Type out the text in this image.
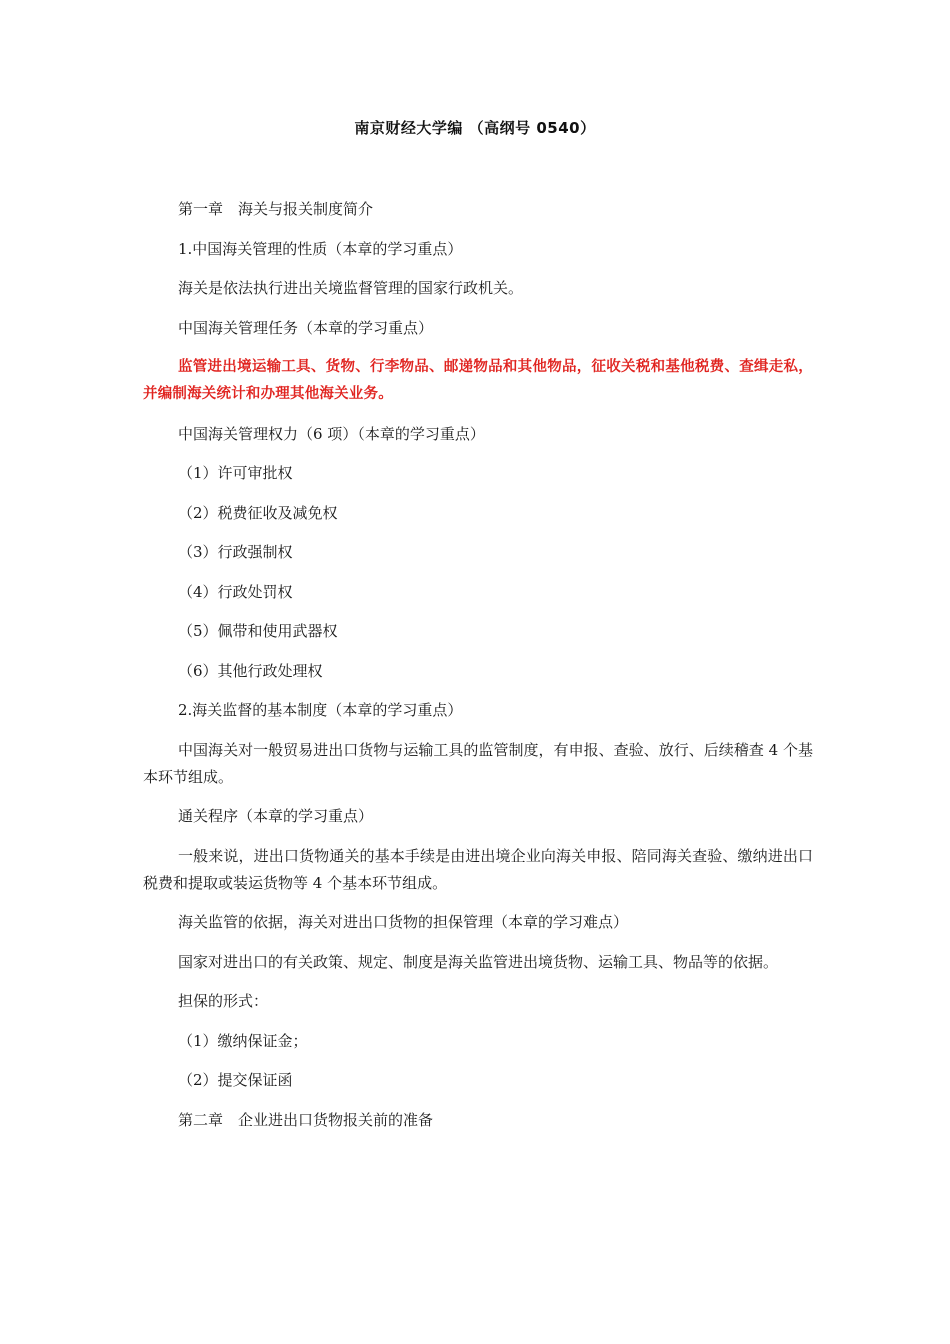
南京财经大学编 （高纲号 0540）

第一章　海关与报关制度简介

1.中国海关管理的性质（本章的学习重点）

海关是依法执行进出关境监督管理的国家行政机关。

中国海关管理任务（本章的学习重点）

监管进出境运输工具、货物、行李物品、邮递物品和其他物品，征收关税和基他税费、查缉走私，并编制海关统计和办理其他海关业务。

中国海关管理权力（6 项）（本章的学习重点）

（1）许可审批权

（2）税费征收及减免权

（3）行政强制权

（4）行政处罚权

（5）佩带和使用武器权

（6）其他行政处理权

2.海关监督的基本制度（本章的学习重点）

中国海关对一般贸易进出口货物与运输工具的监管制度，有申报、查验、放行、后续稽查 4 个基本环节组成。

通关程序（本章的学习重点）

一般来说，进出口货物通关的基本手续是由进出境企业向海关申报、陪同海关查验、缴纳进出口税费和提取或装运货物等 4 个基本环节组成。

海关监管的依据，海关对进出口货物的担保管理（本章的学习难点）

国家对进出口的有关政策、规定、制度是海关监管进出境货物、运输工具、物品等的依据。

担保的形式：

（1）缴纳保证金；

（2）提交保证函

第二章　企业进出口货物报关前的准备
